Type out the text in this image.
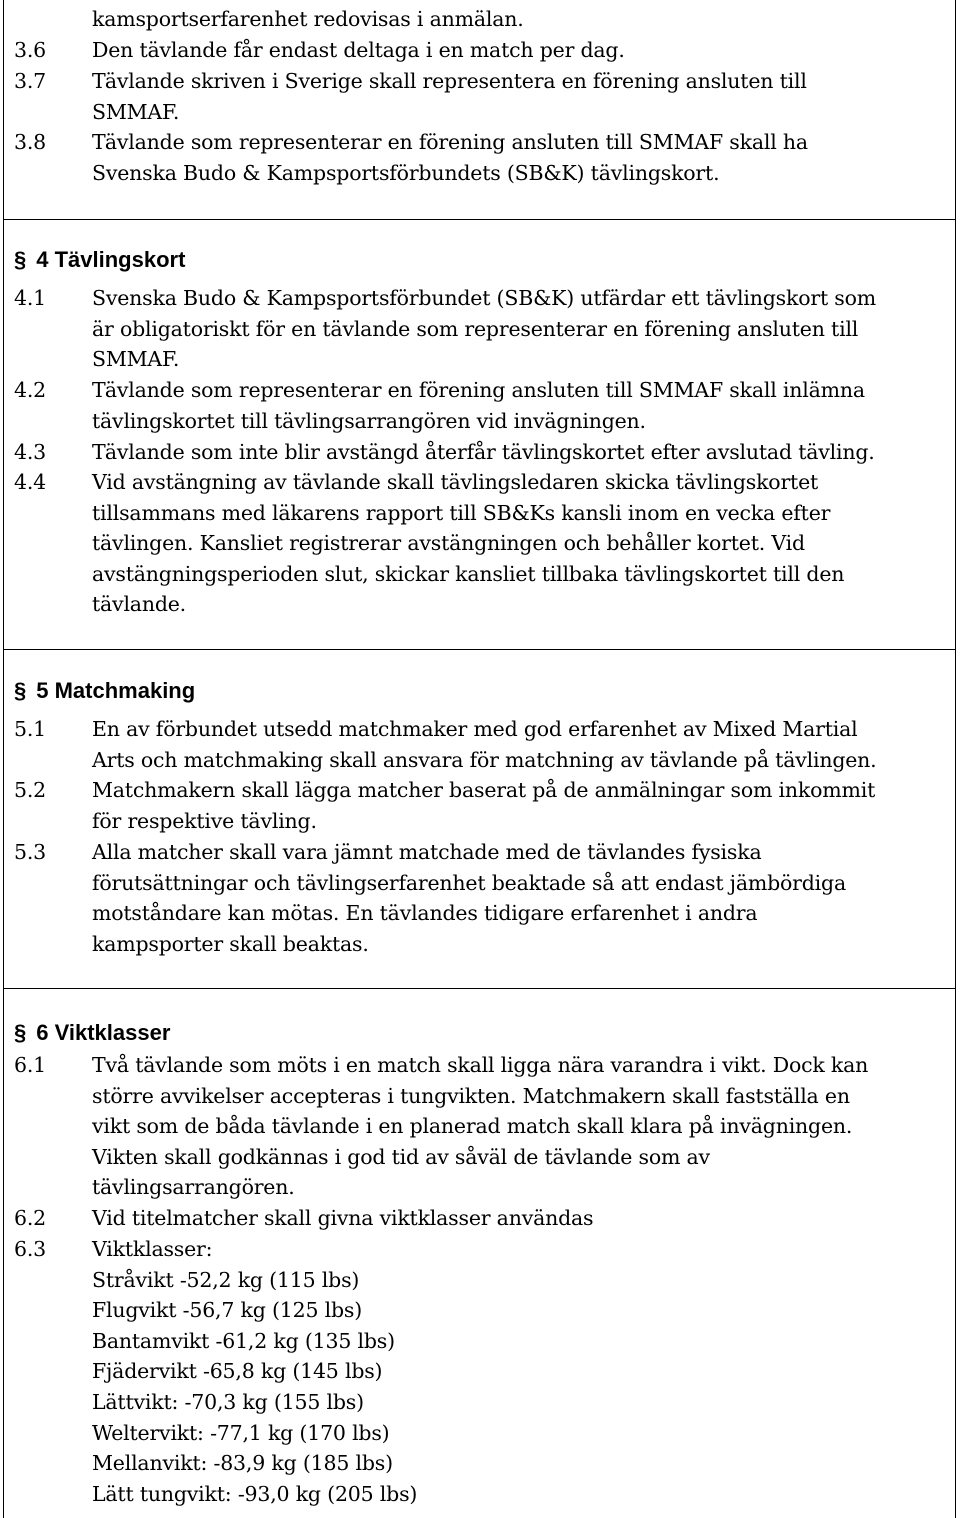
kamsportserfarenhet redovisas i anmälan.
3.6	Den tävlande får endast deltaga i en match per dag.
3.7	Tävlande skriven i Sverige skall representera en förening ansluten till
SMMAF.
3.8	Tävlande som representerar en förening ansluten till SMMAF skall ha
Svenska Budo & Kampsportsförbundets (SB&K) tävlingskort.
§ 4 Tävlingskort
4.1	Svenska Budo & Kampsportsförbundet (SB&K) utfärdar ett tävlingskort som
är obligatoriskt för en tävlande som representerar en förening ansluten till
SMMAF.
4.2	Tävlande som representerar en förening ansluten till SMMAF skall inlämna
tävlingskortet till tävlingsarrangören vid invägningen.
4.3	Tävlande som inte blir avstängd återfår tävlingskortet efter avslutad tävling.
4.4	Vid avstängning av tävlande skall tävlingsledaren skicka tävlingskortet
tillsammans med läkarens rapport till SB&Ks kansli inom en vecka efter
tävlingen. Kansliet registrerar avstängningen och behåller kortet. Vid
avstängningsperioden slut, skickar kansliet tillbaka tävlingskortet till den
tävlande.
§ 5 Matchmaking
5.1	En av förbundet utsedd matchmaker med god erfarenhet av Mixed Martial
Arts och matchmaking skall ansvara för matchning av tävlande på tävlingen.
5.2	Matchmakern skall lägga matcher baserat på de anmälningar som inkommit
för respektive tävling.
5.3	Alla matcher skall vara jämnt matchade med de tävlandes fysiska
förutsättningar och tävlingserfarenhet beaktade så att endast jämbördiga
motståndare kan mötas. En tävlandes tidigare erfarenhet i andra
kampsporter skall beaktas.
§ 6 Viktklasser
6.1	Två tävlande som möts i en match skall ligga nära varandra i vikt. Dock kan
större avvikelser accepteras i tungvikten. Matchmakern skall fastställa en
vikt som de båda tävlande i en planerad match skall klara på invägningen.
Vikten skall godkännas i god tid av såväl de tävlande som av
tävlingsarrangören.
6.2	Vid titelmatcher skall givna viktklasser användas
6.3	Viktklasser:
Stråvikt -52,2 kg (115 lbs)
Flugvikt -56,7 kg (125 lbs)
Bantamvikt -61,2 kg (135 lbs)
Fjädervikt -65,8 kg (145 lbs)
Lättvikt: -70,3 kg (155 lbs)
Weltervikt: -77,1 kg (170 lbs)
Mellanvikt: -83,9 kg (185 lbs)
Lätt tungvikt: -93,0 kg (205 lbs)
